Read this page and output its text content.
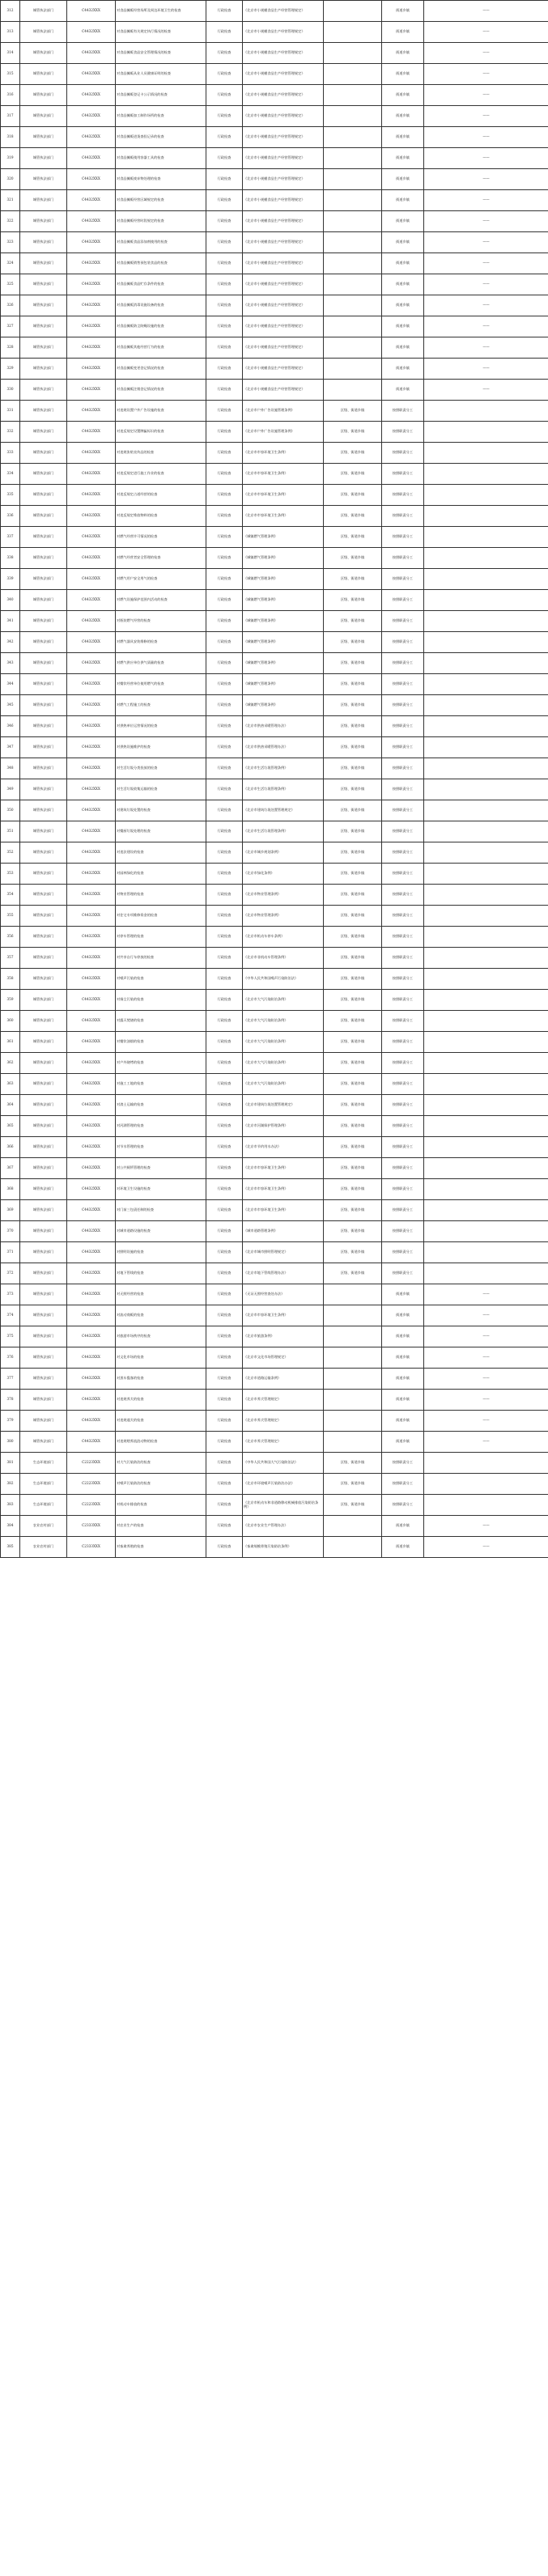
312	城管执法部门	C4432XXX	对食品摊贩经营场所及周边环境卫生的检查	行政检查	《北京市小规模食品生产经营管理规定》		街道乡镇	——
313	城管执法部门	C4432XXX	对食品摊贩有关规定执行情况的检查	行政检查	《北京市小规模食品生产经营管理规定》		街道乡镇	——
314	城管执法部门	C4432XXX	对食品摊贩食品安全管理情况的检查	行政检查	《北京市小规模食品生产经营管理规定》		街道乡镇	——
315	城管执法部门	C4432XXX	对食品摊贩从业人员健康证明的检查	行政检查	《北京市小规模食品生产经营管理规定》		街道乡镇	——
316	城管执法部门	C4432XXX	对食品摊贩登记卡公示情况的检查	行政检查	《北京市小规模食品生产经营管理规定》		街道乡镇	——
317	城管执法部门	C4432XXX	对食品摊贩加工制作场所的检查	行政检查	《北京市小规模食品生产经营管理规定》		街道乡镇	——
318	城管执法部门	C4432XXX	对食品摊贩进货查验记录的检查	行政检查	《北京市小规模食品生产经营管理规定》		街道乡镇	——
319	城管执法部门	C4432XXX	对食品摊贩使用容器工具的检查	行政检查	《北京市小规模食品生产经营管理规定》		街道乡镇	——
320	城管执法部门	C4432XXX	对食品摊贩废弃物处理的检查	行政检查	《北京市小规模食品生产经营管理规定》		街道乡镇	——
321	城管执法部门	C4432XXX	对食品摊贩经营区域规定的检查	行政检查	《北京市小规模食品生产经营管理规定》		街道乡镇	——
322	城管执法部门	C4432XXX	对食品摊贩经营时段规定的检查	行政检查	《北京市小规模食品生产经营管理规定》		街道乡镇	——
323	城管执法部门	C4432XXX	对食品摊贩食品添加剂使用的检查	行政检查	《北京市小规模食品生产经营管理规定》		街道乡镇	——
324	城管执法部门	C4432XXX	对食品摊贩销售预包装食品的检查	行政检查	《北京市小规模食品生产经营管理规定》		街道乡镇	——
325	城管执法部门	C4432XXX	对食品摊贩食品贮存条件的检查	行政检查	《北京市小规模食品生产经营管理规定》		街道乡镇	——
326	城管执法部门	C4432XXX	对食品摊贩消毒设施设备的检查	行政检查	《北京市小规模食品生产经营管理规定》		街道乡镇	——
327	城管执法部门	C4432XXX	对食品摊贩防尘防蝇设施的检查	行政检查	《北京市小规模食品生产经营管理规定》		街道乡镇	——
328	城管执法部门	C4432XXX	对食品摊贩其他经营行为的检查	行政检查	《北京市小规模食品生产经营管理规定》		街道乡镇	——
329	城管执法部门	C4432XXX	对食品摊贩变更登记情况的检查	行政检查	《北京市小规模食品生产经营管理规定》		街道乡镇	——
330	城管执法部门	C4432XXX	对食品摊贩注销登记情况的检查	行政检查	《北京市小规模食品生产经营管理规定》		街道乡镇	——
331	城管执法部门	C4432XXX	对违规设置户外广告设施的检查	行政检查	《北京市户外广告设施管理条例》	区级、街道乡镇	按照职责分工	
332	城管执法部门	C4432XXX	对违反规定设置牌匾标识的检查	行政检查	《北京市户外广告设施管理条例》	区级、街道乡镇	按照职责分工	
333	城管执法部门	C4432XXX	对违规张贴宣传品的检查	行政检查	《北京市市容环境卫生条例》	区级、街道乡镇	按照职责分工	
334	城管执法部门	C4432XXX	对违反规定进行施工作业的检查	行政检查	《北京市市容环境卫生条例》	区级、街道乡镇	按照职责分工	
335	城管执法部门	C4432XXX	对违反规定占道经营的检查	行政检查	《北京市市容环境卫生条例》	区级、街道乡镇	按照职责分工	
336	城管执法部门	C4432XXX	对违反规定堆放物料的检查	行政检查	《北京市市容环境卫生条例》	区级、街道乡镇	按照职责分工	
337	城管执法部门	C4432XXX	对燃气经营许可情况的检查	行政检查	《城镇燃气管理条例》	区级、街道乡镇	按照职责分工	
338	城管执法部门	C4432XXX	对燃气经营者安全管理的检查	行政检查	《城镇燃气管理条例》	区级、街道乡镇	按照职责分工	
339	城管执法部门	C4432XXX	对燃气用户安全用气的检查	行政检查	《城镇燃气管理条例》	区级、街道乡镇	按照职责分工	
340	城管执法部门	C4432XXX	对燃气设施保护范围内活动的检查	行政检查	《城镇燃气管理条例》	区级、街道乡镇	按照职责分工	
341	城管执法部门	C4432XXX	对瓶装燃气经营的检查	行政检查	《城镇燃气管理条例》	区级、街道乡镇	按照职责分工	
342	城管执法部门	C4432XXX	对燃气器具安装维修的检查	行政检查	《城镇燃气管理条例》	区级、街道乡镇	按照职责分工	
343	城管执法部门	C4432XXX	对燃气供应单位供气质量的检查	行政检查	《城镇燃气管理条例》	区级、街道乡镇	按照职责分工	
344	城管执法部门	C4432XXX	对餐饮经营单位使用燃气的检查	行政检查	《城镇燃气管理条例》	区级、街道乡镇	按照职责分工	
345	城管执法部门	C4432XXX	对燃气工程施工的检查	行政检查	《城镇燃气管理条例》	区级、街道乡镇	按照职责分工	
346	城管执法部门	C4432XXX	对供热单位运营情况的检查	行政检查	《北京市供热采暖管理办法》	区级、街道乡镇	按照职责分工	
347	城管执法部门	C4432XXX	对供热设施维护的检查	行政检查	《北京市供热采暖管理办法》	区级、街道乡镇	按照职责分工	
348	城管执法部门	C4432XXX	对生活垃圾分类投放的检查	行政检查	《北京市生活垃圾管理条例》	区级、街道乡镇	按照职责分工	
349	城管执法部门	C4432XXX	对生活垃圾收集运输的检查	行政检查	《北京市生活垃圾管理条例》	区级、街道乡镇	按照职责分工	
350	城管执法部门	C4432XXX	对建筑垃圾处置的检查	行政检查	《北京市建筑垃圾处置管理规定》	区级、街道乡镇	按照职责分工	
351	城管执法部门	C4432XXX	对餐厨垃圾处理的检查	行政检查	《北京市生活垃圾管理条例》	区级、街道乡镇	按照职责分工	
352	城管执法部门	C4432XXX	对违法建设的检查	行政检查	《北京市城乡规划条例》	区级、街道乡镇	按照职责分工	
353	城管执法部门	C4432XXX	对园林绿化的检查	行政检查	《北京市绿化条例》	区级、街道乡镇	按照职责分工	
354	城管执法部门	C4432XXX	对物业管理的检查	行政检查	《北京市物业管理条例》	区级、街道乡镇	按照职责分工	
355	城管执法部门	C4432XXX	对住宅专项维修资金的检查	行政检查	《北京市物业管理条例》	区级、街道乡镇	按照职责分工	
356	城管执法部门	C4432XXX	对停车管理的检查	行政检查	《北京市机动车停车条例》	区级、街道乡镇	按照职责分工	
357	城管执法部门	C4432XXX	对共享自行车停放的检查	行政检查	《北京市非机动车管理条例》	区级、街道乡镇	按照职责分工	
358	城管执法部门	C4432XXX	对噪声污染的检查	行政检查	《中华人民共和国噪声污染防治法》	区级、街道乡镇	按照职责分工	
359	城管执法部门	C4432XXX	对扬尘污染的检查	行政检查	《北京市大气污染防治条例》	区级、街道乡镇	按照职责分工	
360	城管执法部门	C4432XXX	对露天焚烧的检查	行政检查	《北京市大气污染防治条例》	区级、街道乡镇	按照职责分工	
361	城管执法部门	C4432XXX	对餐饮油烟的检查	行政检查	《北京市大气污染防治条例》	区级、街道乡镇	按照职责分工	
362	城管执法部门	C4432XXX	对户外烧烤的检查	行政检查	《北京市大气污染防治条例》	区级、街道乡镇	按照职责分工	
363	城管执法部门	C4432XXX	对施工工地的检查	行政检查	《北京市大气污染防治条例》	区级、街道乡镇	按照职责分工	
364	城管执法部门	C4432XXX	对渣土运输的检查	行政检查	《北京市建筑垃圾处置管理规定》	区级、街道乡镇	按照职责分工	
365	城管执法部门	C4432XXX	对河湖管理的检查	行政检查	《北京市河湖保护管理条例》	区级、街道乡镇	按照职责分工	
366	城管执法部门	C4432XXX	对节水管理的检查	行政检查	《北京市节约用水办法》	区级、街道乡镇	按照职责分工	
367	城管执法部门	C4432XXX	对公共厕所管理的检查	行政检查	《北京市市容环境卫生条例》	区级、街道乡镇	按照职责分工	
368	城管执法部门	C4432XXX	对环境卫生设施的检查	行政检查	《北京市市容环境卫生条例》	区级、街道乡镇	按照职责分工	
369	城管执法部门	C4432XXX	对门前三包责任制的检查	行政检查	《北京市市容环境卫生条例》	区级、街道乡镇	按照职责分工	
370	城管执法部门	C4432XXX	对城市道路设施的检查	行政检查	《城市道路管理条例》	区级、街道乡镇	按照职责分工	
371	城管执法部门	C4432XXX	对照明设施的检查	行政检查	《北京市城市照明管理规定》	区级、街道乡镇	按照职责分工	
372	城管执法部门	C4432XXX	对地下管线的检查	行政检查	《北京市地下管线管理办法》	区级、街道乡镇	按照职责分工	
373	城管执法部门	C4432XXX	对无照经营的检查	行政检查	《无证无照经营查处办法》		街道乡镇	——
374	城管执法部门	C4432XXX	对流动商贩的检查	行政检查	《北京市市容环境卫生条例》		街道乡镇	——
375	城管执法部门	C4432XXX	对旅游市场秩序的检查	行政检查	《北京市旅游条例》		街道乡镇	——
376	城管执法部门	C4432XXX	对文化市场的检查	行政检查	《北京市文化市场管理规定》		街道乡镇	——
377	城管执法部门	C4432XXX	对黑车揽客的检查	行政检查	《北京市道路运输条例》		街道乡镇	——
378	城管执法部门	C4432XXX	对违规养犬的检查	行政检查	《北京市养犬管理规定》		街道乡镇	——
379	城管执法部门	C4432XXX	对违规遛犬的检查	行政检查	《北京市养犬管理规定》		街道乡镇	——
380	城管执法部门	C4432XXX	对违规喂养流浪动物的检查	行政检查	《北京市养犬管理规定》		街道乡镇	——
381	生态环境部门	C2223XXX	对大气污染防治的检查	行政检查	《中华人民共和国大气污染防治法》	区级、街道乡镇	按照职责分工	
382	生态环境部门	C2223XXX	对噪声污染防治的检查	行政检查	《北京市环境噪声污染防治办法》	区级、街道乡镇	按照职责分工	
383	生态环境部门	C2223XXX	对机动车排放的检查	行政检查	《北京市机动车和非道路移动机械排放污染防治条例》	区级、街道乡镇	按照职责分工	
384	农业农村部门	C2333XXX	对农业生产的检查	行政检查	《北京市农业生产管理办法》		街道乡镇	——
385	农业农村部门	C2333XXX	对畜禽养殖的检查	行政检查	《畜禽规模养殖污染防治条例》		街道乡镇	——
